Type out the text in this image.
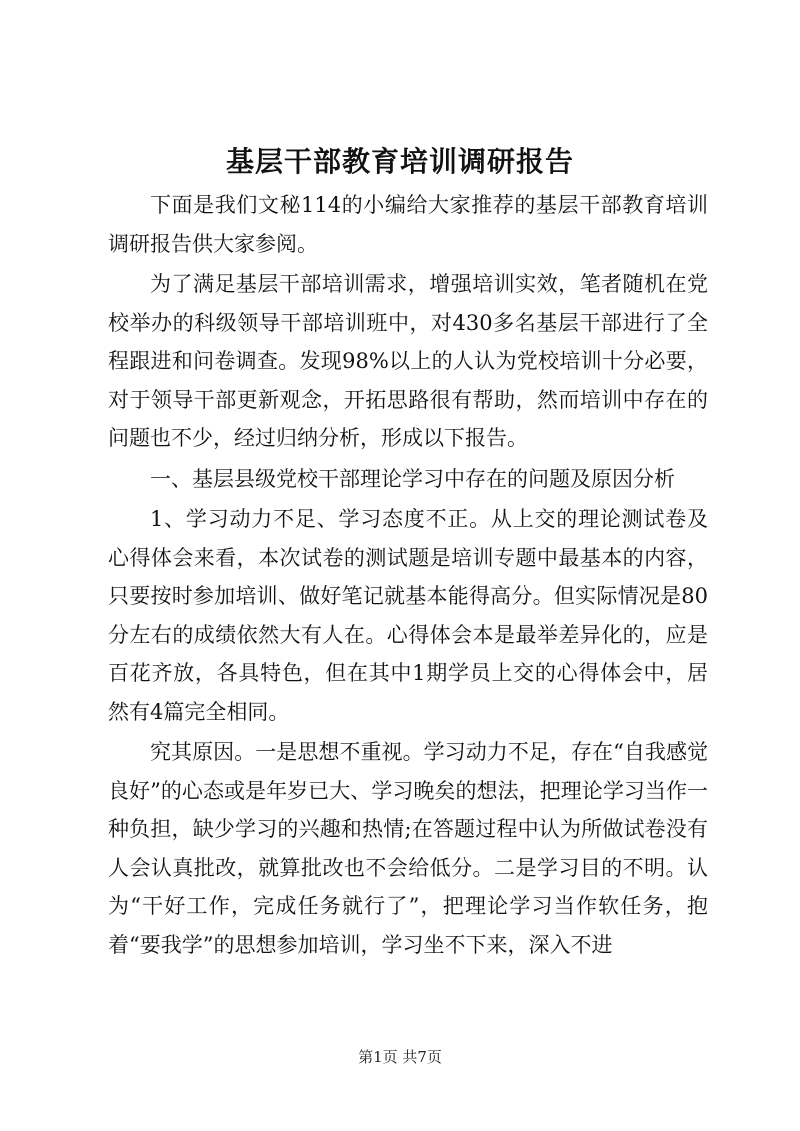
基层干部教育培训调研报告

下面是我们文秘114的小编给大家推荐的基层干部教育培训调研报告供大家参阅。

为了满足基层干部培训需求，增强培训实效，笔者随机在党校举办的科级领导干部培训班中，对430多名基层干部进行了全程跟进和问卷调查。发现98%以上的人认为党校培训十分必要，对于领导干部更新观念，开拓思路很有帮助，然而培训中存在的问题也不少，经过归纳分析，形成以下报告。

一、基层县级党校干部理论学习中存在的问题及原因分析

1、学习动力不足、学习态度不正。从上交的理论测试卷及心得体会来看，本次试卷的测试题是培训专题中最基本的内容，只要按时参加培训、做好笔记就基本能得高分。但实际情况是80分左右的成绩依然大有人在。心得体会本是最举差异化的，应是百花齐放，各具特色，但在其中1期学员上交的心得体会中，居然有4篇完全相同。

究其原因。一是思想不重视。学习动力不足，存在“自我感觉良好”的心态或是年岁已大、学习晚矣的想法，把理论学习当作一种负担，缺少学习的兴趣和热情;在答题过程中认为所做试卷没有人会认真批改，就算批改也不会给低分。二是学习目的不明。认为“干好工作，完成任务就行了”，把理论学习当作软任务，抱着“要我学”的思想参加培训，学习坐不下来，深入不进

第1页 共7页
